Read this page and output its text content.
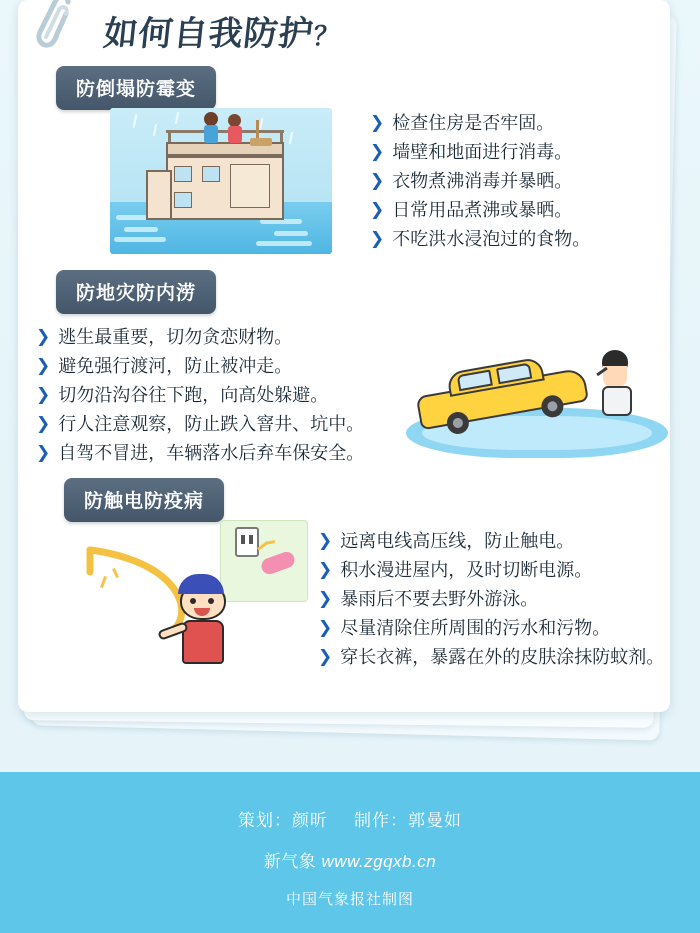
如何自我防护？
防倒塌防霉变
❯ 检查住房是否牢固。
❯ 墙壁和地面进行消毒。
❯ 衣物煮沸消毒并暴晒。
❯ 日常用品煮沸或暴晒。
❯ 不吃洪水浸泡过的食物。
防地灾防内涝
❯ 逃生最重要，切勿贪恋财物。
❯ 避免强行渡河，防止被冲走。
❯ 切勿沿沟谷往下跑，向高处躲避。
❯ 行人注意观察，防止跌入窨井、坑中。
❯ 自驾不冒进，车辆落水后弃车保安全。
防触电防疫病
❯ 远离电线高压线，防止触电。
❯ 积水漫进屋内，及时切断电源。
❯ 暴雨后不要去野外游泳。
❯ 尽量清除住所周围的污水和污物。
❯ 穿长衣裤，暴露在外的皮肤涂抹防蚊剂。
策划：颜昕 制作：郭曼如
新气象 www.zgqxb.cn
中国气象报社制图
